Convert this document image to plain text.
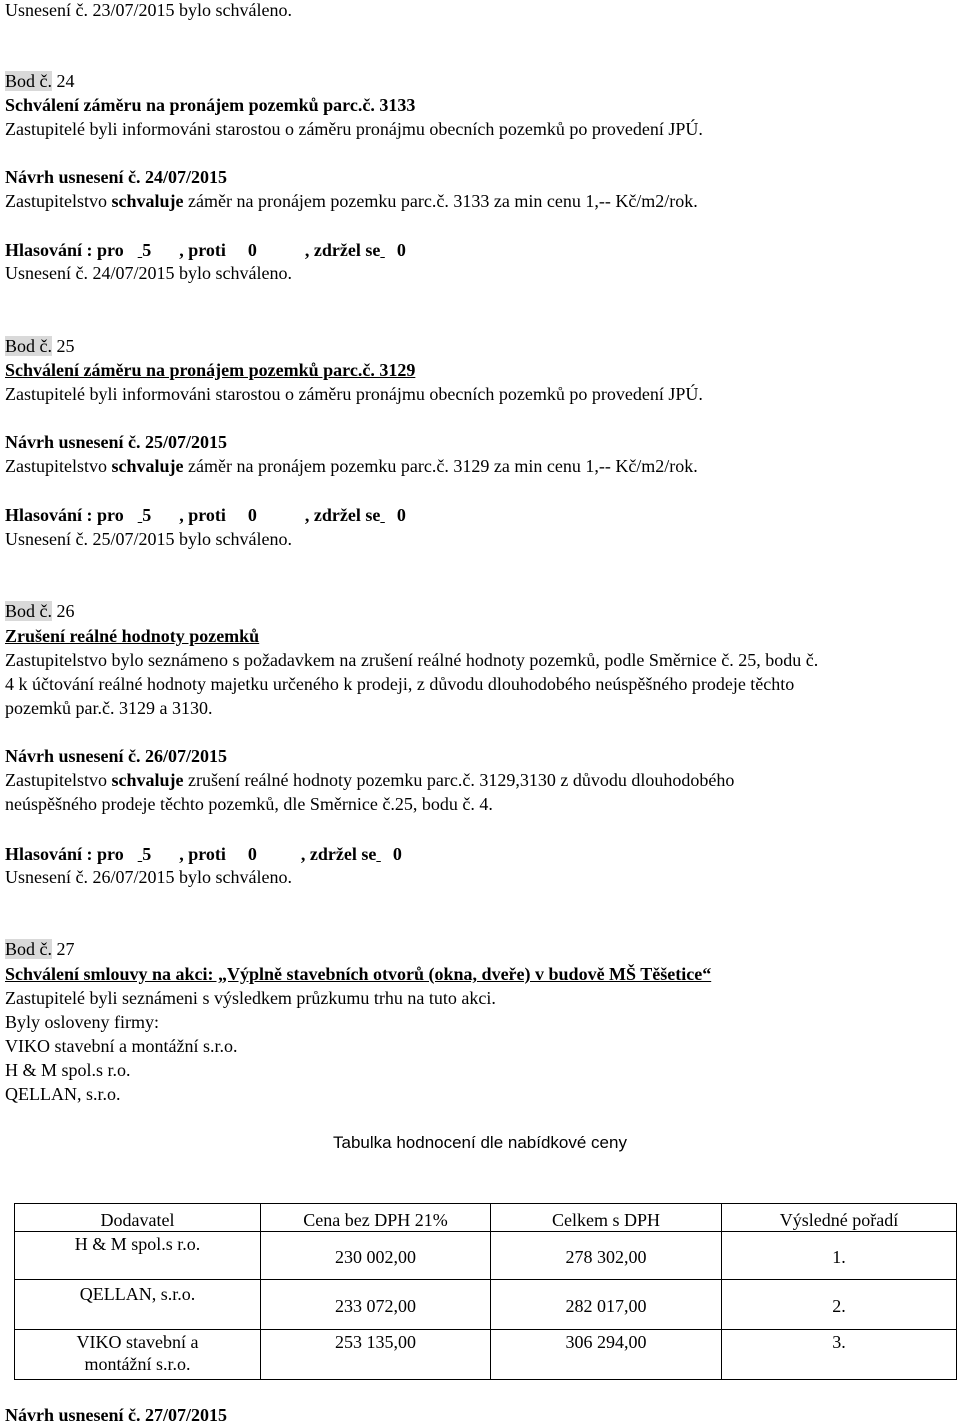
Usnesení č. 23/07/2015 bylo schváleno.
Bod č. 24
Schválení záměru na pronájem pozemků parc.č. 3133
Zastupitelé byli informováni starostou o záměru pronájmu obecních pozemků po provedení JPÚ.
Návrh usnesení č. 24/07/2015
Zastupitelstvo schvaluje záměr na pronájem pozemku parc.č. 3133 za min cenu 1,-- Kč/m2/rok.
Hlasování : pro 5 , proti 0	, zdržel se 0
Usnesení č. 24/07/2015 bylo schváleno.
Bod č. 25
Schválení záměru na pronájem pozemků parc.č. 3129
Zastupitelé byli informováni starostou o záměru pronájmu obecních pozemků po provedení JPÚ.
Návrh usnesení č. 25/07/2015
Zastupitelstvo schvaluje záměr na pronájem pozemku parc.č. 3129 za min cenu 1,-- Kč/m2/rok.
Hlasování : pro 5 , proti 0	, zdržel se 0
Usnesení č. 25/07/2015 bylo schváleno.
Bod č. 26
Zrušení reálné hodnoty pozemků
Zastupitelstvo bylo seznámeno s požadavkem na zrušení reálné hodnoty pozemků, podle Směrnice č. 25, bodu č.
4 k účtování reálné hodnoty majetku určeného k prodeji, z důvodu dlouhodobého neúspěšného prodeje těchto
pozemků par.č. 3129 a 3130.
Návrh usnesení č. 26/07/2015
Zastupitelstvo schvaluje zrušení reálné hodnoty pozemku parc.č. 3129,3130 z důvodu dlouhodobého
neúspěšného prodeje těchto pozemků, dle Směrnice č.25, bodu č. 4.
Hlasování : pro 5 , proti 0 , zdržel se 0
Usnesení č. 26/07/2015 bylo schváleno.
Bod č. 27
Schválení smlouvy na akci: „Výplně stavebních otvorů (okna, dveře) v budově MŠ Těšetice“
Zastupitelé byli seznámeni s výsledkem průzkumu trhu na tuto akci.
Byly osloveny firmy:
VIKO stavební a montážní s.r.o.
H & M spol.s r.o.
QELLAN, s.r.o.
Tabulka hodnocení dle nabídkové ceny
Dodavatel	Cena bez DPH 21%	Celkem s DPH	Výsledné pořadí
H & M spol.s r.o.	230 002,00	278 302,00	1.
QELLAN, s.r.o.	233 072,00	282 017,00	2.
VIKO stavební a montážní s.r.o.	253 135,00	306 294,00	3.
Návrh usnesení č. 27/07/2015
